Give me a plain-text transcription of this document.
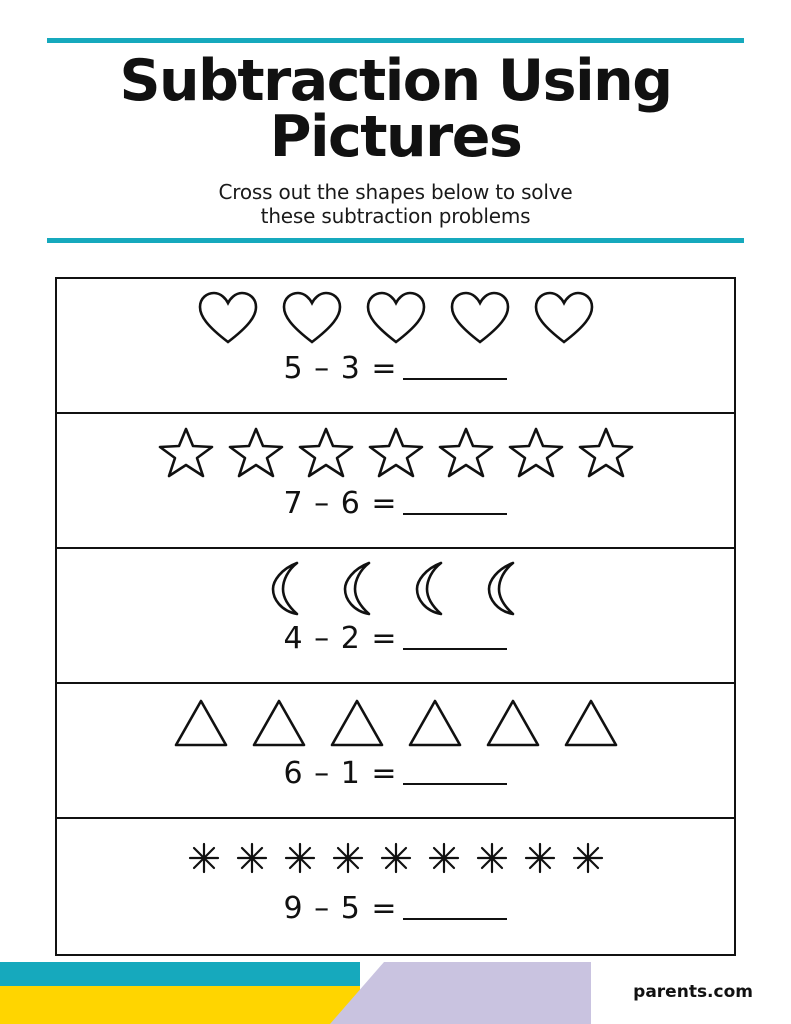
Subtraction Using Pictures
Cross out the shapes below to solve
these subtraction problems
5 – 3 =
7 – 6 =
4 – 2 =
6 – 1 =
9 – 5 =
parents.com
